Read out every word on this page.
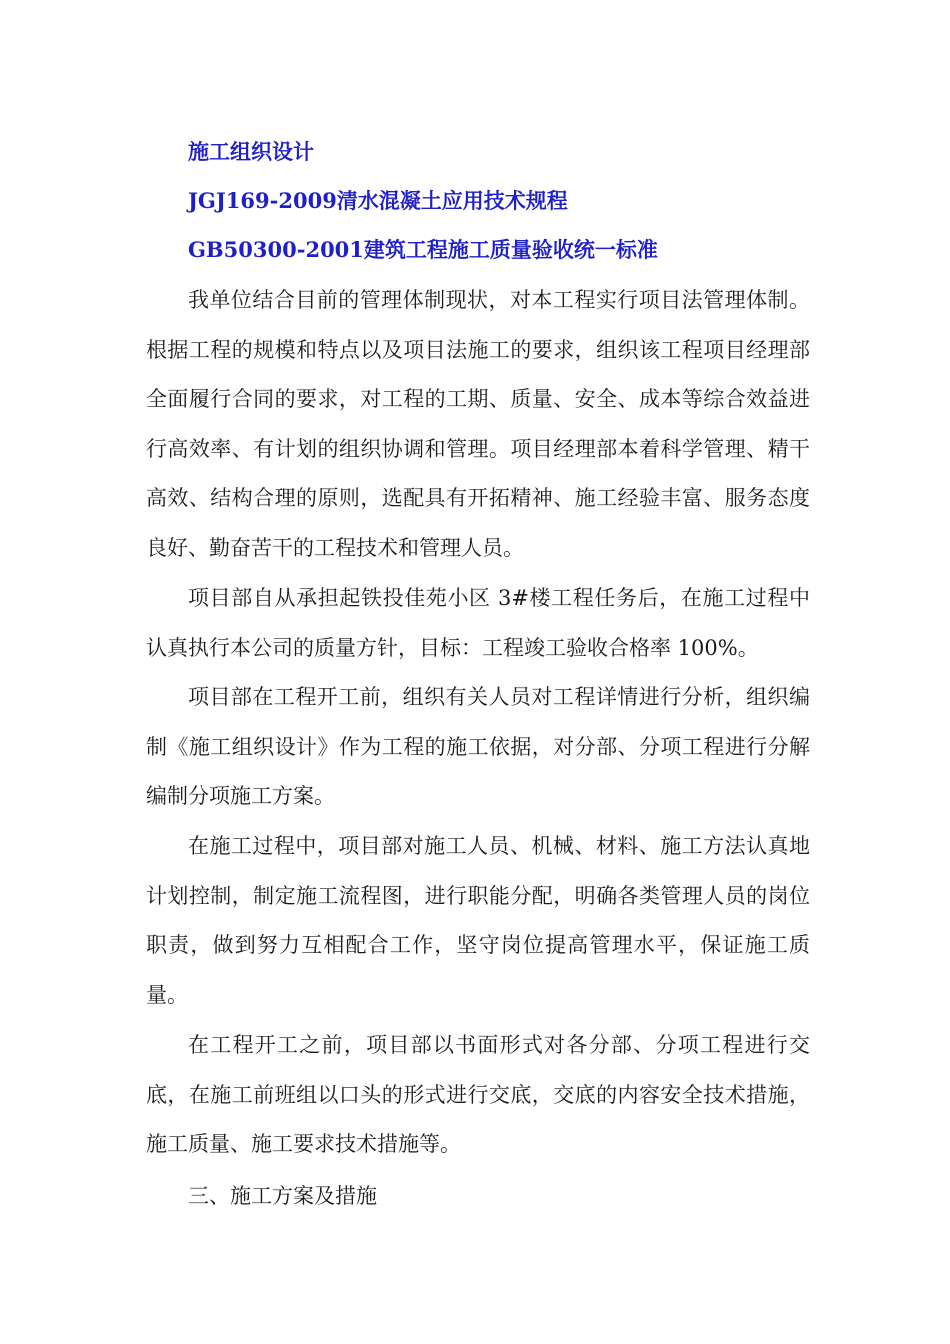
施工组织设计
JGJ169-2009清水混凝土应用技术规程
GB50300-2001建筑工程施工质量验收统一标准

我单位结合目前的管理体制现状，对本工程实行项目法管理体制。根据工程的规模和特点以及项目法施工的要求，组织该工程项目经理部全面履行合同的要求，对工程的工期、质量、安全、成本等综合效益进行高效率、有计划的组织协调和管理。项目经理部本着科学管理、精干高效、结构合理的原则，选配具有开拓精神、施工经验丰富、服务态度良好、勤奋苦干的工程技术和管理人员。

项目部自从承担起铁投佳苑小区 3#楼工程任务后，在施工过程中认真执行本公司的质量方针，目标：工程竣工验收合格率 100%。

项目部在工程开工前，组织有关人员对工程详情进行分析，组织编制《施工组织设计》作为工程的施工依据，对分部、分项工程进行分解编制分项施工方案。

在施工过程中，项目部对施工人员、机械、材料、施工方法认真地计划控制，制定施工流程图，进行职能分配，明确各类管理人员的岗位职责，做到努力互相配合工作，坚守岗位提高管理水平，保证施工质量。

在工程开工之前，项目部以书面形式对各分部、分项工程进行交底，在施工前班组以口头的形式进行交底，交底的内容安全技术措施，施工质量、施工要求技术措施等。

三、施工方案及措施
